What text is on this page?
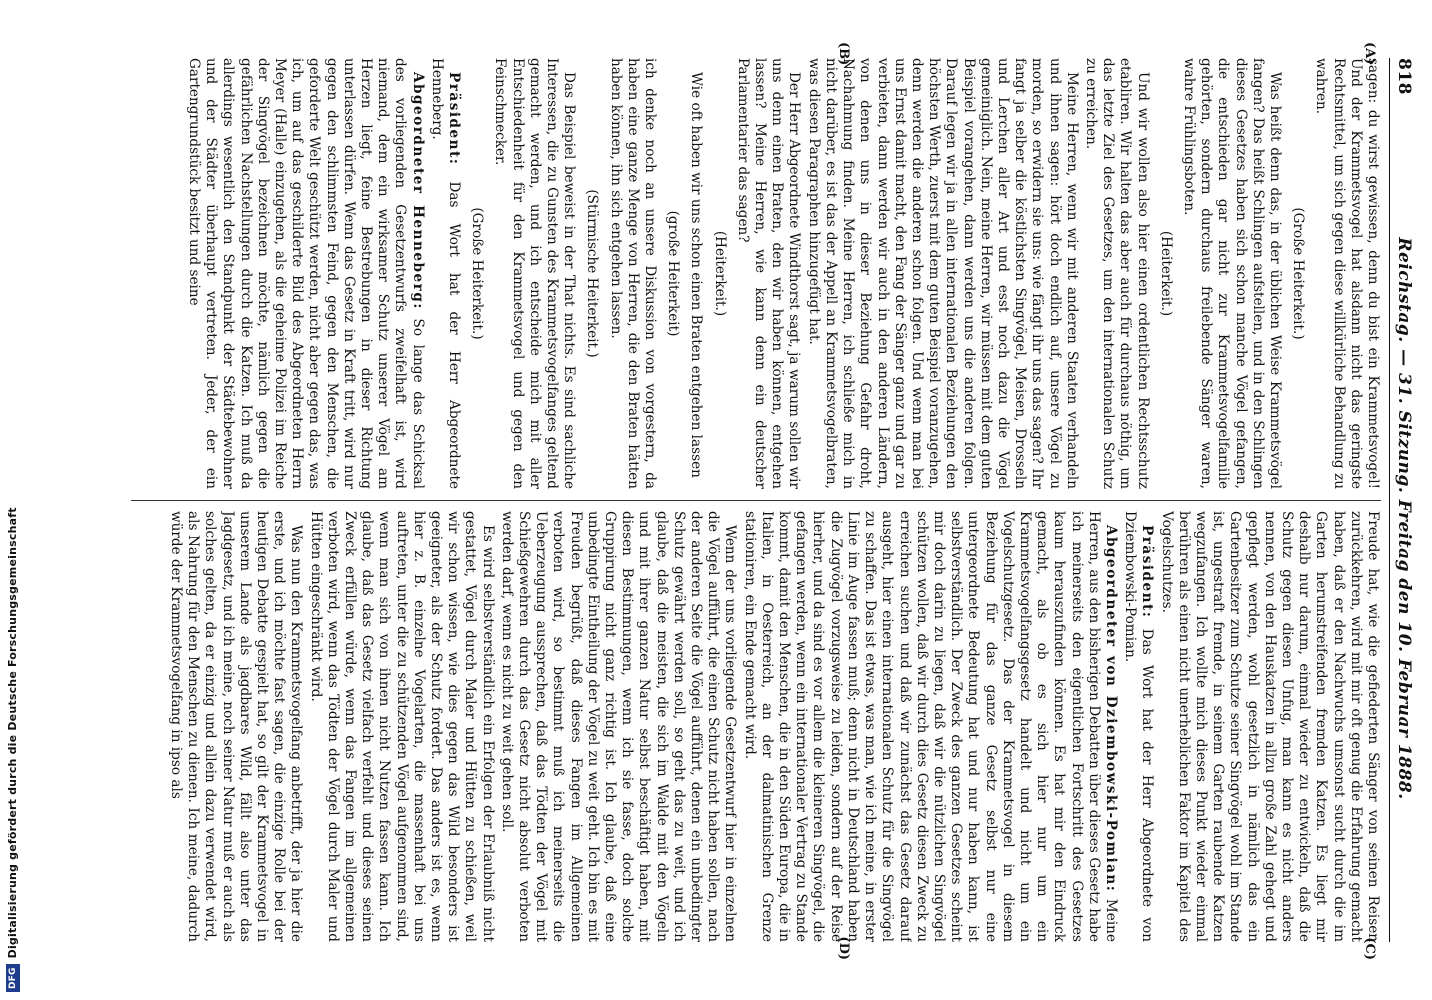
DFGDigitalisierung gefördert durch die Deutsche Forschungsgemeinschaft
818
Reichstag. — 31. Sitzung. Freitag den 10. Februar 1888.
(A)
(B)
(C)
(D)

sagen: du wirst gewissen, denn du bist ein Krammetsvogel! Und der Krammetsvogel hat alsdann nicht das geringste Rechtsmittel, um sich gegen diese willkürliche Behandlung zu wahren.

(Große Heiterkeit.)

Was heißt denn das, in der üblichen Weise Krammetsvögel fangen? Das heißt Schlingen aufstellen, und in den Schlingen dieses Gesetzes haben sich schon manche Vögel gefangen, die entschieden gar nicht zur Krammetsvogelfamilie gehörten, sondern durchaus freilebende Sänger waren, wahre Frühlingsboten.

(Heiterkeit.)

Und wir wollen also hier einen ordentlichen Rechtsschutz etabliren. Wir halten das aber auch für durchaus nöthig, um das letzte Ziel des Gesetzes, um den internationalen Schutz zu erreichen.

Meine Herren, wenn wir mit anderen Staaten verhandeln und ihnen sagen: hört doch endlich auf, unsere Vögel zu morden, so erwidern sie uns: wie fängt ihr uns das sagen? Ihr fangt ja selber die köstlichsten Singvögel, Meisen, Drosseln und Lerchen aller Art und esst noch dazu die Vögel gemeiniglich. Nein, meine Herren, wir müssen mit dem guten Beispiel vorangehen, dann werden uns die anderen folgen. Darauf legen wir ja in allen internationalen Beziehungen den höchsten Werth, zuerst mit dem guten Beispiel voranzugehen, denn werden die anderen schon folgen. Und wenn man bei uns Ernst damit macht, den Fang der Sänger ganz und gar zu verbieten, dann werden wir auch in den anderen Ländern, von denen uns in dieser Beziehung Gefahr droht, Nachahmung finden. Meine Herren, ich schließe mich in nicht darüber, es ist das der Appell an Krammetsvogelbraten, was diesen Paragraphen hinzugefügt hat.

Der Herr Abgeordnete Windthorst sagt, ja warum sollen wir uns denn einen Braten, den wir haben können, entgehen lassen? Meine Herren, wie kann denn ein deutscher Parlamentarier das sagen?

(Heiterkeit.)

Wie oft haben wir uns schon einen Braten entgehen lassen

(große Heiterkeit)

ich denke noch an unsere Diskussion von vorgestern, da haben eine ganze Menge von Herren, die den Braten hätten haben können, ihn sich entgehen lassen.

(Stürmische Heiterkeit.)

Das Beispiel beweist in der That nichts. Es sind sachliche Interessen, die zu Gunsten des Krammetsvogelfanges geltend gemacht werden, und ich entscheide mich mit aller Entschiedenheit für den Krammetsvogel und gegen den Feinschmecker.

(Große Heiterkeit.)

Präsident: Das Wort hat der Herr Abgeordnete Henneberg.

Abgeordneter Henneberg: So lange das Schicksal des vorliegenden Gesetzentwurfs zweifelhaft ist, wird niemand, dem ein wirksamer Schutz unserer Vögel am Herzen liegt, feine Bestrebungen in dieser Richtung unterlassen dürfen. Wenn das Gesetz in Kraft tritt, wird nur gegen den schlimmsten Feind, gegen den Menschen, die geforderte Welt geschützt werden, nicht aber gegen das, was ich, um auf das geschilderte Bild des Abgeordneten Herrn Meyer (Halle) einzugehen, als die geheime Polizei im Reiche der Singvögel bezeichnen möchte, nämlich gegen die gefährlichen Nachstellungen durch die Katzen. Ich muß da allerdings wesentlich den Standpunkt der Städtebewohner und der Städter überhaupt vertreten. Jeder, der ein Gartengrundstück besitzt und seine

Freude hat, wie die gefiederten Sänger von seinen Reisen zurückkehren, wird mit mir oft genug die Erfahrung gemacht haben, daß er den Nachwuchs umsonst sucht durch die im Garten herumstreifenden fremden Katzen. Es liegt mir deshalb nur darum, einmal wieder zu entwickeln, daß die Schutz gegen diesen Unfug, man kann es nicht anders nennen, von den Hauskatzen in allzu große Zahl gehegt und gepflegt werden, wohl gesetzlich in nämlich das ein Gartenbesitzer zum Schutze seiner Singvögel wohl im Stande ist, ungestraft fremde, in seinem Garten raubende Katzen wegzufangen. Ich wollte mich dieses Punkt wieder einmal berühren als einen nicht unerheblichen Faktor im Kapitel des Vogelschutzes.

Präsident: Das Wort hat der Herr Abgeordnete von Dziembowski-Pomian.

Abgeordneter von Dziembowski-Pomian: Meine Herren, aus den bisherigen Debatten über dieses Gesetz habe ich meinerseits den eigentlichen Fortschritt des Gesetzes kaum herauszufinden können. Es hat mir den Eindruck gemacht, als ob es sich hier nur um ein Krammetsvogelfangsgesetz handelt und nicht um ein Vogelschutzgesetz. Das der Krammetsvogel in diesem Beziehung für das ganze Gesetz selbst nur eine untergeordnete Bedeutung hat und nur haben kann, ist selbstverständlich. Der Zweck des ganzen Gesetzes scheint mir doch darin zu liegen, daß wir die nützlichen Singvögel schützen wollen, daß wir durch dies Gesetz diesen Zweck zu erreichen suchen und daß wir zunächst das Gesetz darauf ausgeht, hier einen internationalen Schutz für die Singvögel zu schaffen. Das ist etwas, was man, wie ich meine, in erster Linie im Auge fassen muß; denn nicht in Deutschland haben die Zugvögel vorzugsweise zu leiden, sondern auf der Reise hierher, und da sind es vor allem die kleineren Singvögel, die gefangen werden, wenn ein internationaler Vertrag zu Stande kommt, damit den Menschen, die in den Süden Europa, die in Italien, in Oesterreich, an der dalmatinischen Grenze stationiren, ein Ende gemacht wird.

Wenn der uns vorliegende Gesetzentwurf hier in einzelnen die Vögel aufführt, die einen Schutz nicht haben sollen, nach der anderen Seite die Vögel aufführt, denen ein unbedingter Schutz gewährt werden soll, so geht das zu weit, und ich glaube, daß die meisten, die sich im Walde mit den Vögeln und mit ihrer ganzen Natur selbst beschäftigt haben, mit diesen Bestimmungen, wenn ich sie fasse, doch solche Gruppirung nicht ganz richtig ist. Ich glaube, daß eine unbedingte Eintheilung der Vögel zu weit geht. Ich bin es mit Freuden begrüßt, daß dieses Fangen im Allgemeinen verboten wird, so bestimmt muß ich meinerseits die Ueberzeugung aussprechen, daß das Tödten der Vögel mit Schießgewehren durch das Gesetz nicht absolut verboten werden darf, wenn es nicht zu weit gehen soll.

Es wird selbstverständlich ein Erfolgen der Erlaubniß nicht gestattet, Vögel durch Maler und Hütten zu schießen, weil wir schon wissen, wie dies gegen das Wild besonders ist geeigneter, als der Schutz fordert. Das anders ist es, wenn hier z. B. einzelne Vogelarten, die massenhaft bei uns auftreten, unter die zu schützenden Vögel aufgenommen sind, wenn man sich von ihnen nicht Nutzen fassen kann. Ich glaube, daß das Gesetz vielfach verfehlt und dieses seinen Zweck erfüllen würde, wenn das Fangen im allgemeinen verboten wird, wenn das Tödten der Vögel durch Maler und Hütten eingeschränkt wird.

Was nun den Krammetsvogelfang anbetrifft, der ja hier die erste, und ich möchte fast sagen, die einzige Rolle bei der heutigen Debatte gespielt hat, so gilt der Krammetsvogel in unserem Lande als jagdbares Wild, fällt also unter das Jagdgesetz, und ich meine, noch seiner Natur muß er auch als solches gelten, da er einzig und allein dazu verwendet wird, als Nahrung für den Menschen zu dienen. Ich meine, dadurch würde der Krammetsvogelfang in ipso als
